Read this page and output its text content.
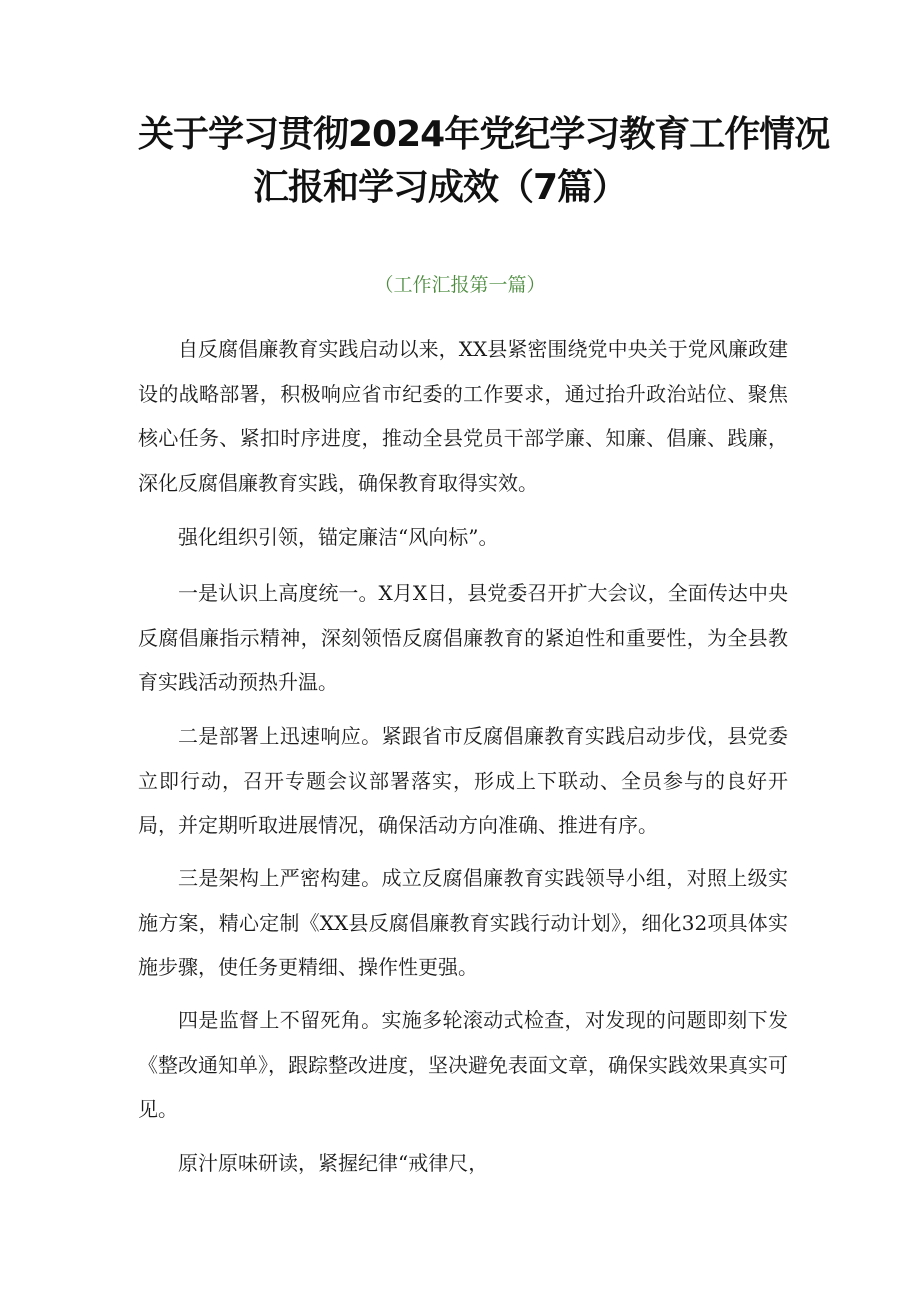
关于学习贯彻2024年党纪学习教育工作情况
汇报和学习成效（7篇）
（工作汇报第一篇）

自反腐倡廉教育实践启动以来，XX县紧密围绕党中央关于党风廉政建设的战略部署，积极响应省市纪委的工作要求，通过抬升政治站位、聚焦核心任务、紧扣时序进度，推动全县党员干部学廉、知廉、倡廉、践廉，深化反腐倡廉教育实践，确保教育取得实效。

强化组织引领，锚定廉洁“风向标”。

一是认识上高度统一。X月X日，县党委召开扩大会议，全面传达中央反腐倡廉指示精神，深刻领悟反腐倡廉教育的紧迫性和重要性，为全县教育实践活动预热升温。

二是部署上迅速响应。紧跟省市反腐倡廉教育实践启动步伐，县党委立即行动，召开专题会议部署落实，形成上下联动、全员参与的良好开局，并定期听取进展情况，确保活动方向准确、推进有序。

三是架构上严密构建。成立反腐倡廉教育实践领导小组，对照上级实施方案，精心定制《XX县反腐倡廉教育实践行动计划》，细化32项具体实施步骤，使任务更精细、操作性更强。

四是监督上不留死角。实施多轮滚动式检查，对发现的问题即刻下发《整改通知单》，跟踪整改进度，坚决避免表面文章，确保实践效果真实可见。

原汁原味研读，紧握纪律“戒律尺，
